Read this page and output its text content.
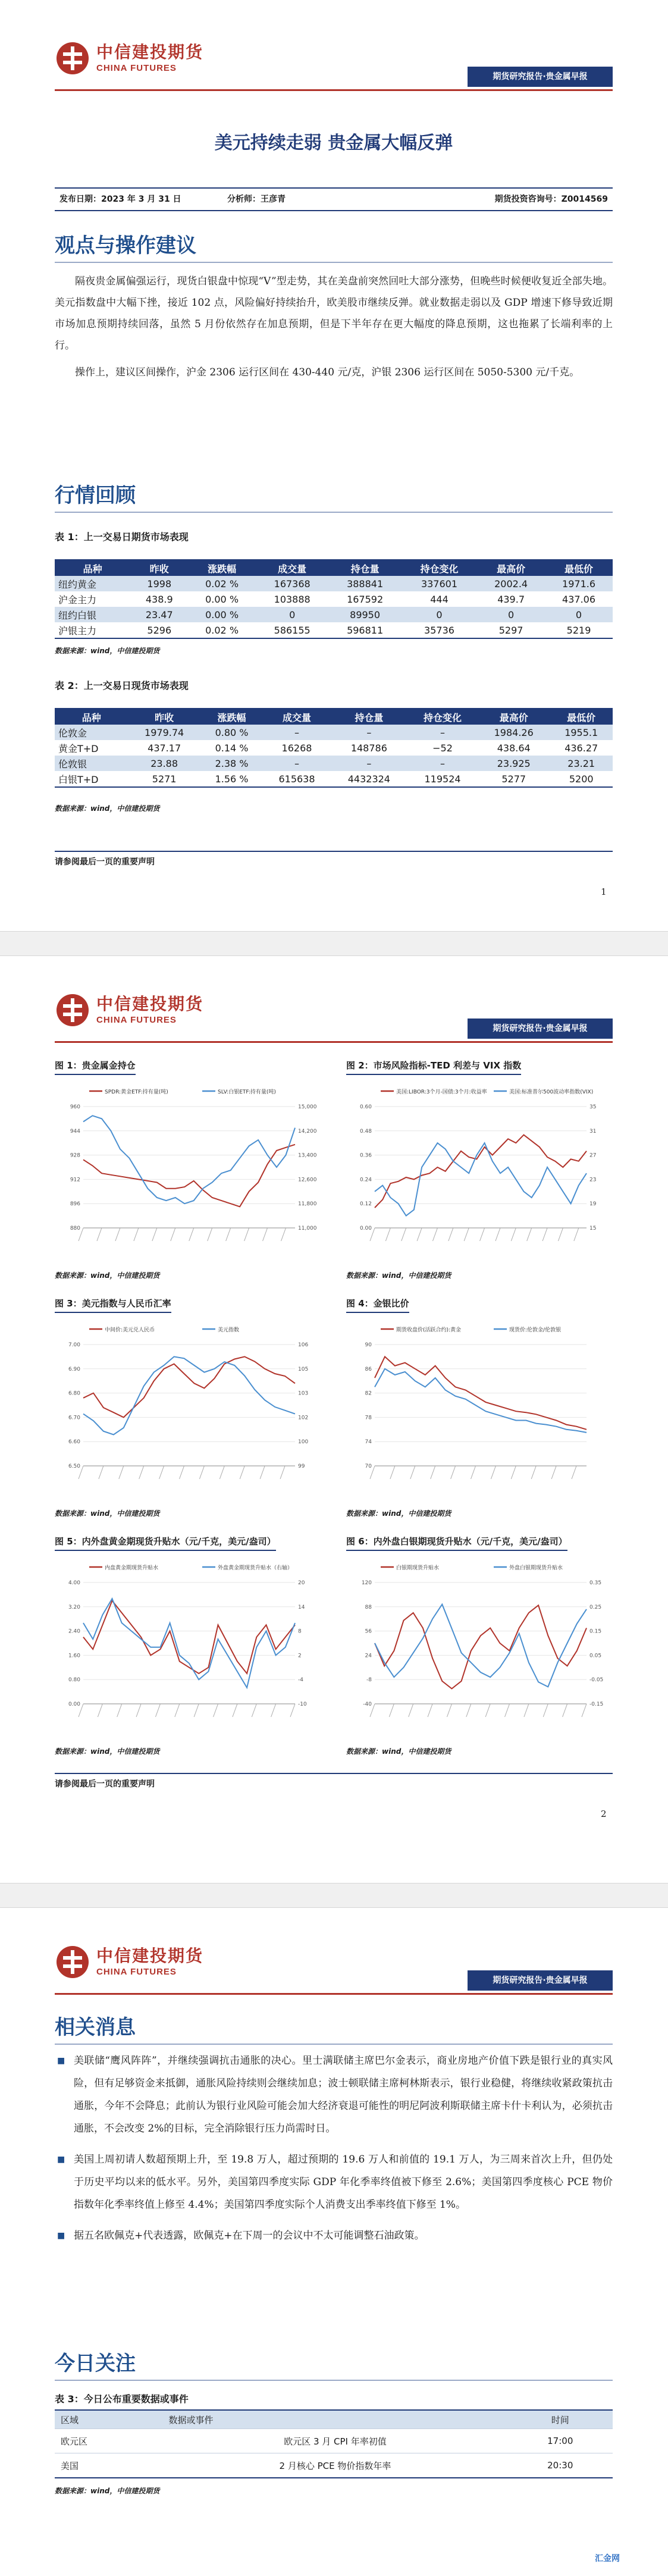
中信建投期货
CHINA FUTURES
期货研究报告·贵金属早报
美元持续走弱 贵金属大幅反弹
发布日期：2023 年 3 月 31 日	分析师：王彦青	期货投资咨询号：Z0014569
观点与操作建议

隔夜贵金属偏强运行，现货白银盘中惊现“V”型走势，其在美盘前突然回吐大部分涨势，但晚些时候便收复近全部失地。美元指数盘中大幅下挫，接近 102 点，风险偏好持续抬升，欧美股市继续反弹。就业数据走弱以及 GDP 增速下修导致近期市场加息预期持续回落，虽然 5 月份依然存在加息预期，但是下半年存在更大幅度的降息预期，这也拖累了长端利率的上行。

操作上，建议区间操作，沪金 2306 运行区间在 430-440 元/克，沪银 2306 运行区间在 5050-5300 元/千克。

行情回顾
表 1：上一交易日期货市场表现
品种	昨收	涨跌幅	成交量	持仓量	持仓变化	最高价	最低价
纽约黄金	1998	0.02 %	167368	388841	337601	2002.4	1971.6
沪金主力	438.9	0.00 %	103888	167592	444	439.7	437.06
纽约白银	23.47	0.00 %	0	89950	0	0	0
沪银主力	5296	0.02 %	586155	596811	35736	5297	5219
数据来源：wind，中信建投期货
表 2：上一交易日现货市场表现
品种	昨收	涨跌幅	成交量	持仓量	持仓变化	最高价	最低价
伦敦金	1979.74	0.80 %	–	–	–	1984.26	1955.1
黄金T+D	437.17	0.14 %	16268	148786	−52	438.64	436.27
伦敦银	23.88	2.38 %	–	–	–	23.925	23.21
白银T+D	5271	1.56 %	615638	4432324	119524	5277	5200
数据来源：wind，中信建投期货
请参阅最后一页的重要声明
1
中信建投期货
CHINA FUTURES
期货研究报告·贵金属早报
图 1：贵金属金持仓
SPDR:黄金ETF:持有量(吨)	SLV:白银ETF:持有量(吨)
880	11,000
896	11,800
912	12,600
928	13,400
944	14,200
960	15,000
数据来源：wind，中信建投期货
图 2：市场风险指标-TED 利差与 VIX 指数
美国:LIBOR:3个月-国债:3个月:收益率	美国:标准普尔500波动率指数(VIX)
0.00	15
0.12	19
0.24	23
0.36	27
0.48	31
0.60	35
数据来源：wind，中信建投期货
图 3：美元指数与人民币汇率
中间价:美元兑人民币	美元指数
6.50	99
6.60	100
6.70	102
6.80	103
6.90	105
7.00	106
数据来源：wind，中信建投期货
图 4：金银比价
期货收盘价(活跃合约):黄金	现货价:伦敦金/伦敦银
70
74
78
82
86
90
数据来源：wind，中信建投期货
图 5：内外盘黄金期现货升贴水（元/千克，美元/盎司）
内盘黄金期现货升贴水	外盘黄金期现货升贴水（右轴）
0.00	-10
0.80	-4
1.60	2
2.40	8
3.20	14
4.00	20
数据来源：wind，中信建投期货
图 6：内外盘白银期现货升贴水（元/千克，美元/盎司）
白银期现货升贴水	外盘白银期现货升贴水
-40	-0.15
-8	-0.05
24	0.05
56	0.15
88	0.25
120	0.35
数据来源：wind，中信建投期货
请参阅最后一页的重要声明
2
中信建投期货
CHINA FUTURES
期货研究报告·贵金属早报
相关消息
■ 美联储“鹰风阵阵”，并继续强调抗击通胀的决心。里士满联储主席巴尔金表示，商业房地产价值下跌是银行业的真实风险，但有足够资金来抵御，通胀风险持续则会继续加息；波士顿联储主席柯林斯表示，银行业稳健，将继续收紧政策抗击通胀，今年不会降息；此前认为银行业风险可能会加大经济衰退可能性的明尼阿波利斯联储主席卡什卡利认为，必须抗击通胀，不会改变 2%的目标，完全消除银行压力尚需时日。
■ 美国上周初请人数超预期上升，至 19.8 万人，超过预期的 19.6 万人和前值的 19.1 万人，为三周来首次上升，但仍处于历史平均以来的低水平。另外，美国第四季度实际 GDP 年化季率终值被下修至 2.6%；美国第四季度核心 PCE 物价指数年化季率终值上修至 4.4%；美国第四季度实际个人消费支出季率终值下修至 1%。
■ 据五名欧佩克+代表透露，欧佩克+在下周一的会议中不太可能调整石油政策。
今日关注
表 3：今日公布重要数据或事件
区域	数据或事件	时间
欧元区	欧元区 3 月 CPI 年率初值	17:00
美国	2 月核心 PCE 物价指数年率	20:30
数据来源：wind，中信建投期货
汇金网
